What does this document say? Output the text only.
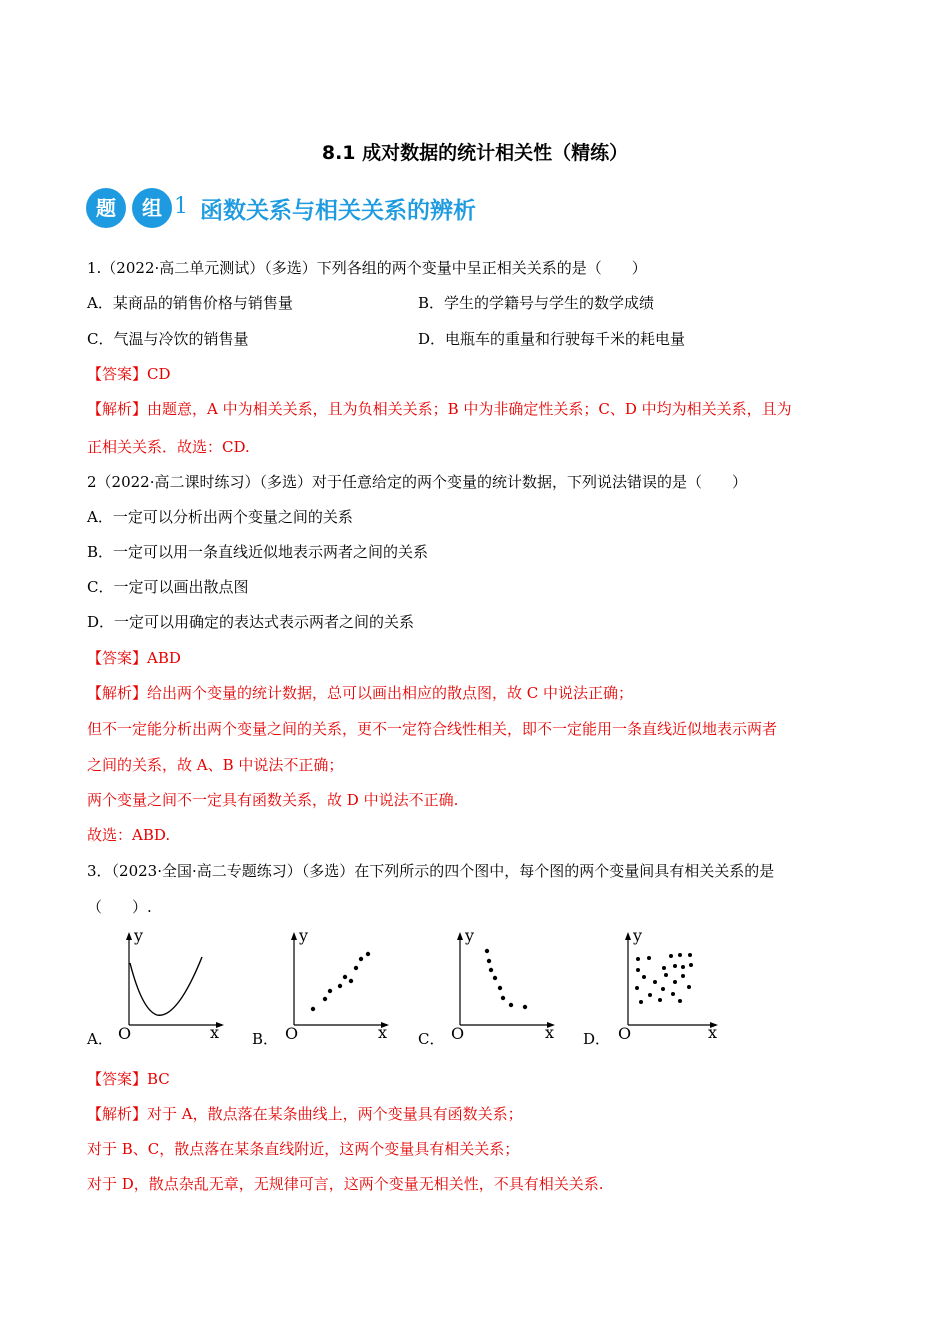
8.1 成对数据的统计相关性（精练）
题	组 1 函数关系与相关关系的辨析
1.（2022·高二单元测试）（多选）下列各组的两个变量中呈正相关关系的是（　　）
A．某商品的销售价格与销售量	B．学生的学籍号与学生的数学成绩
C．气温与冷饮的销售量	D．电瓶车的重量和行驶每千米的耗电量
【答案】CD
【解析】由题意，A 中为相关关系，且为负相关关系；B 中为非确定性关系；C、D 中均为相关关系，且为
正相关关系．故选：CD.
2（2022·高二课时练习）（多选）对于任意给定的两个变量的统计数据，下列说法错误的是（　　）
A．一定可以分析出两个变量之间的关系
B．一定可以用一条直线近似地表示两者之间的关系
C．一定可以画出散点图
D．一定可以用确定的表达式表示两者之间的关系
【答案】ABD
【解析】给出两个变量的统计数据，总可以画出相应的散点图，故 C 中说法正确；
但不一定能分析出两个变量之间的关系，更不一定符合线性相关，即不一定能用一条直线近似地表示两者
之间的关系，故 A、B 中说法不正确；
两个变量之间不一定具有函数关系，故 D 中说法不正确.
故选：ABD.
3．（2023·全国·高二专题练习）（多选）在下列所示的四个图中，每个图的两个变量间具有相关关系的是
（　　）.
A．
y
x
O	B．
y
x
O	C．
y
x
O	D．
y
x
O
【答案】BC
【解析】对于 A，散点落在某条曲线上，两个变量具有函数关系；
对于 B、C，散点落在某条直线附近，这两个变量具有相关关系；
对于 D，散点杂乱无章，无规律可言，这两个变量无相关性，不具有相关关系.
